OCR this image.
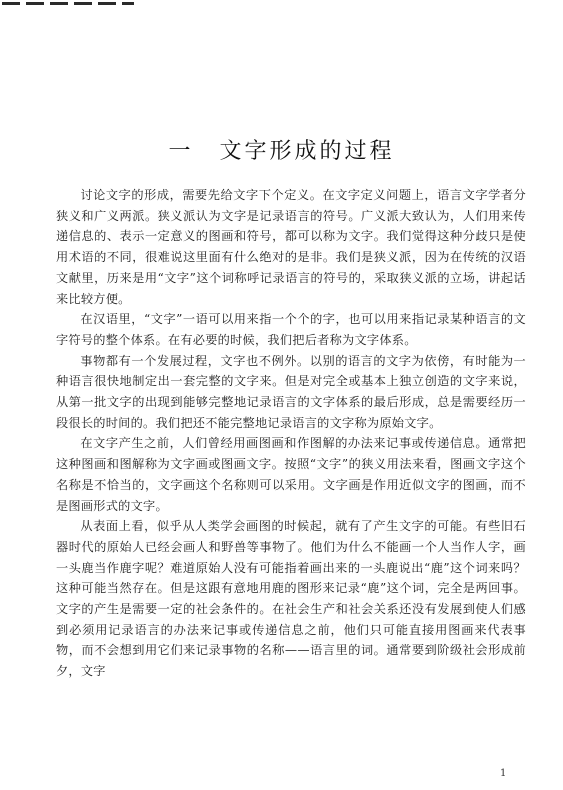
一 文字形成的过程

讨论文字的形成，需要先给文字下个定义。在文字定义问题上，语言文字学者分狭义和广义两派。狭义派认为文字是记录语言的符号。广义派大致认为，人们用来传递信息的、表示一定意义的图画和符号，都可以称为文字。我们觉得这种分歧只是使用术语的不同，很难说这里面有什么绝对的是非。我们是狭义派，因为在传统的汉语文献里，历来是用“文字”这个词称呼记录语言的符号的，采取狭义派的立场，讲起话来比较方便。

在汉语里，“文字”一语可以用来指一个个的字，也可以用来指记录某种语言的文字符号的整个体系。在有必要的时候，我们把后者称为文字体系。

事物都有一个发展过程，文字也不例外。以别的语言的文字为依傍，有时能为一种语言很快地制定出一套完整的文字来。但是对完全或基本上独立创造的文字来说，从第一批文字的出现到能够完整地记录语言的文字体系的最后形成，总是需要经历一段很长的时间的。我们把还不能完整地记录语言的文字称为原始文字。

在文字产生之前，人们曾经用画图画和作图解的办法来记事或传递信息。通常把这种图画和图解称为文字画或图画文字。按照“文字”的狭义用法来看，图画文字这个名称是不恰当的，文字画这个名称则可以采用。文字画是作用近似文字的图画，而不是图画形式的文字。

从表面上看，似乎从人类学会画图的时候起，就有了产生文字的可能。有些旧石器时代的原始人已经会画人和野兽等事物了。他们为什么不能画一个人当作人字，画一头鹿当作鹿字呢？难道原始人没有可能指着画出来的一头鹿说出“鹿”这个词来吗？这种可能当然存在。但是这跟有意地用鹿的图形来记录“鹿”这个词，完全是两回事。文字的产生是需要一定的社会条件的。在社会生产和社会关系还没有发展到使人们感到必须用记录语言的办法来记事或传递信息之前，他们只可能直接用图画来代表事物，而不会想到用它们来记录事物的名称——语言里的词。通常要到阶级社会形成前夕，文字

1
